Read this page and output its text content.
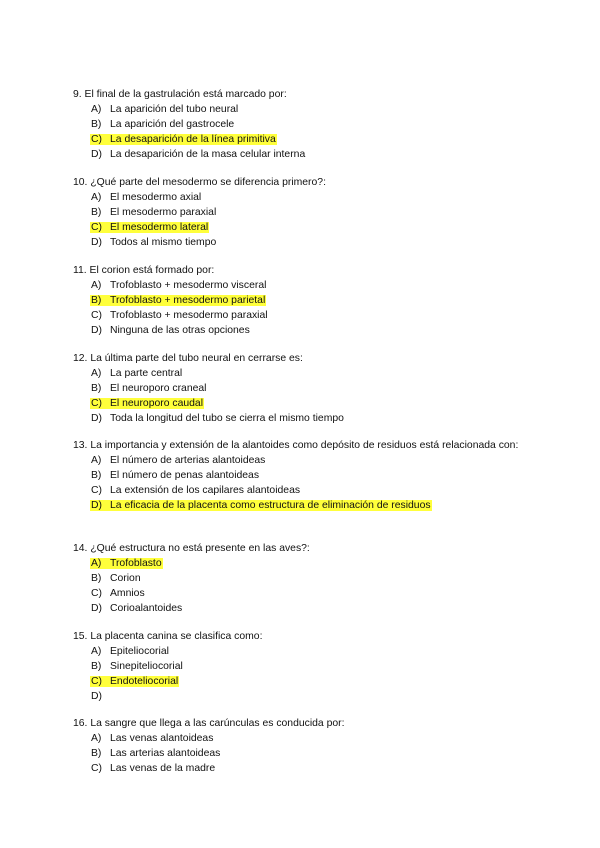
9. El final de la gastrulación está marcado por:
A) La aparición del tubo neural
B) La aparición del gastrocele
C) La desaparición de la línea primitiva
D) La desaparición de la masa celular interna
10. ¿Qué parte del mesodermo se diferencia primero?:
A) El mesodermo axial
B) El mesodermo paraxial
C) El mesodermo lateral
D) Todos al mismo tiempo
11. El corion está formado por:
A) Trofoblasto + mesodermo visceral
B) Trofoblasto + mesodermo parietal
C) Trofoblasto + mesodermo paraxial
D) Ninguna de las otras opciones
12. La última parte del tubo neural en cerrarse es:
A) La parte central
B) El neuroporo craneal
C) El neuroporo caudal
D) Toda la longitud del tubo se cierra el mismo tiempo
13. La importancia y extensión de la alantoides como depósito de residuos está relacionada con:
A) El número de arterias alantoideas
B) El número de penas alantoideas
C) La extensión de los capilares alantoideas
D) La eficacia de la placenta como estructura de eliminación de residuos
14. ¿Qué estructura no está presente en las aves?:
A) Trofoblasto
B) Corion
C) Amnios
D) Corioalantoides
15. La placenta canina se clasifica como:
A) Epiteliocorial
B) Sinepiteliocorial
C) Endoteliocorial
D)
16. La sangre que llega a las carúnculas es conducida por:
A) Las venas alantoideas
B) Las arterias alantoideas
C) Las venas de la madre
